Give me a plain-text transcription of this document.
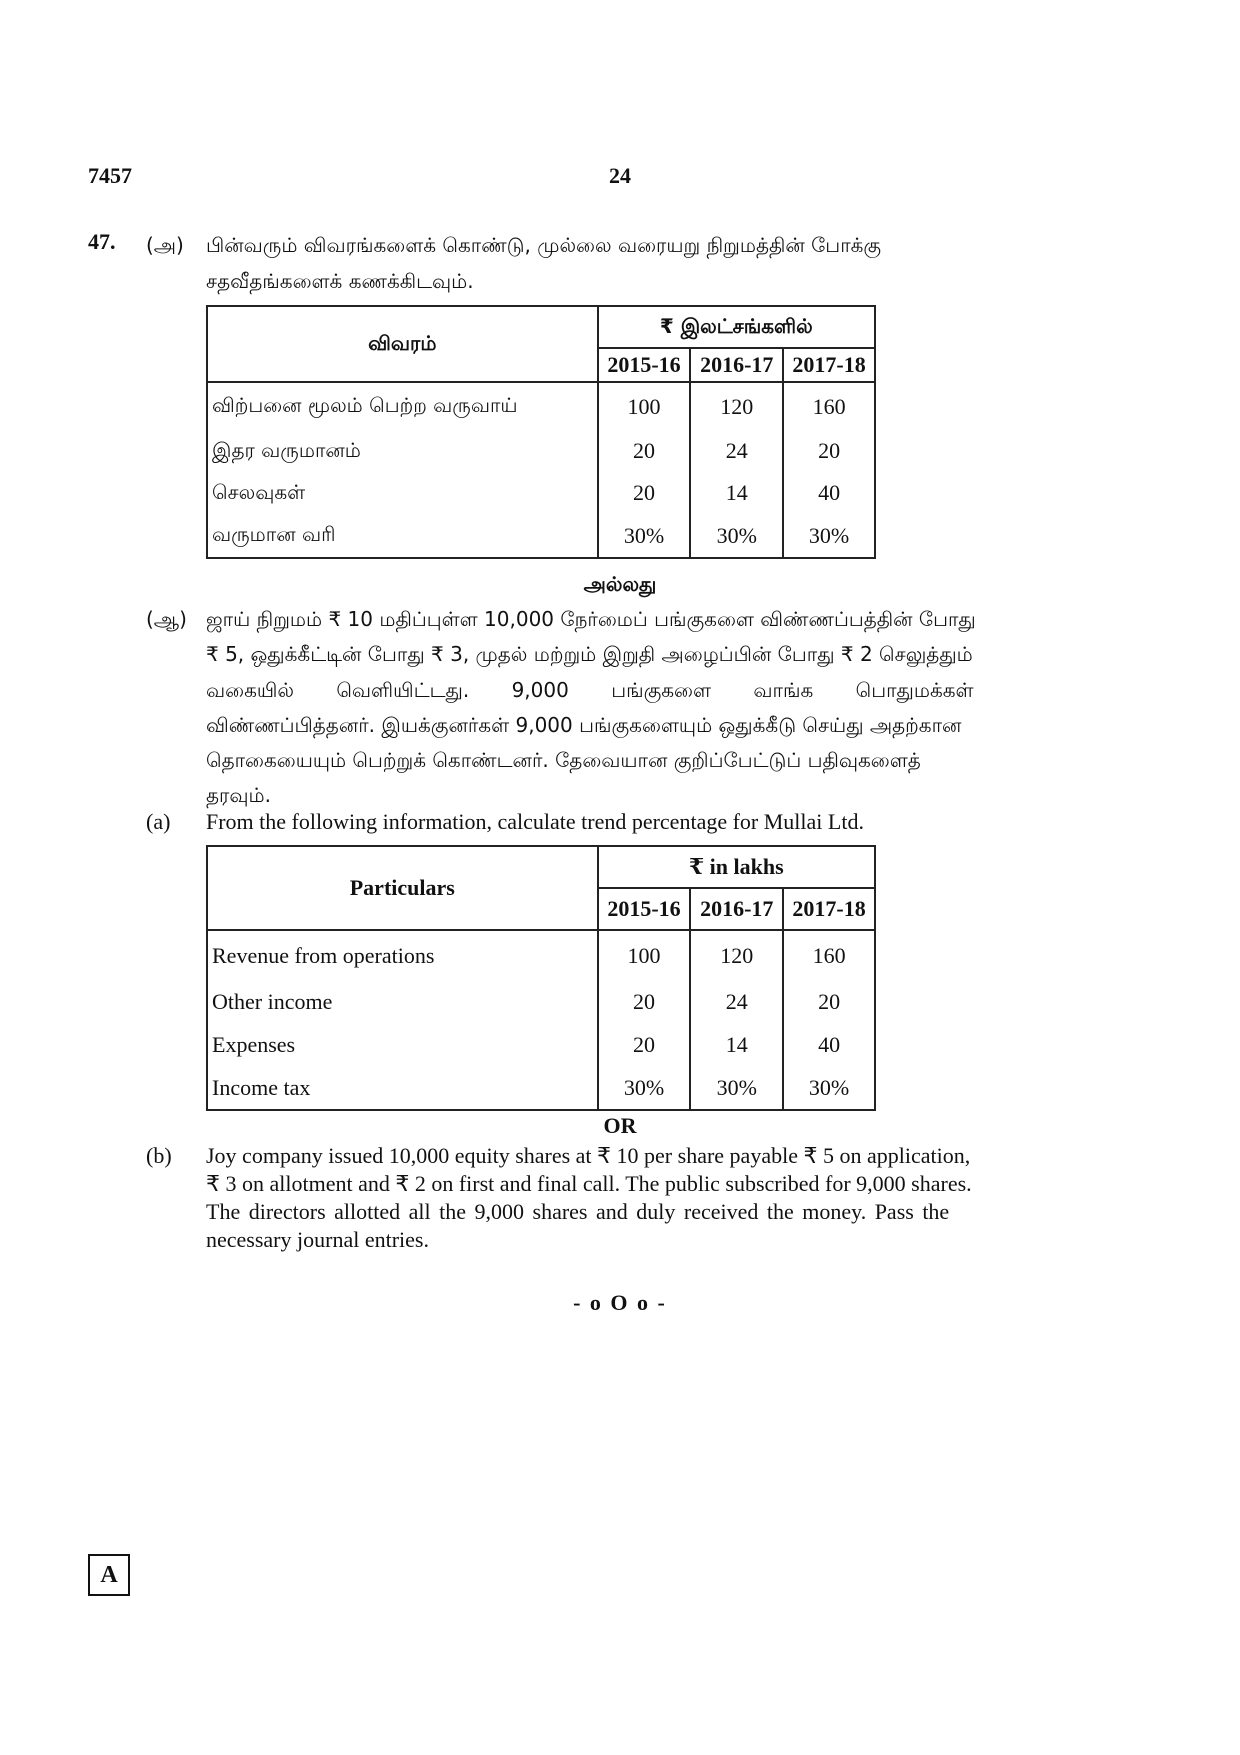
7457	24
47. (அ) பின்வரும் விவரங்களைக் கொண்டு, முல்லை வரையறு நிறுமத்தின் போக்கு
சதவீதங்களைக் கணக்கிடவும்.
விவரம்	₹ இலட்சங்களில்		
	2015-16	2016-17	2017-18
விற்பனை மூலம் பெற்ற வருவாய்	100	120	160
இதர வருமானம்	20	24	20
செலவுகள்	20	14	40
வருமான வரி	30%	30%	30%
அல்லது
(ஆ) ஜாய் நிறுமம் ₹ 10 மதிப்புள்ள 10,000 நேர்மைப் பங்குகளை விண்ணப்பத்தின் போது
₹ 5, ஒதுக்கீட்டின் போது ₹ 3, முதல் மற்றும் இறுதி அழைப்பின் போது ₹ 2 செலுத்தும்
வகையில் வெளியிட்டது. 9,000 பங்குகளை வாங்க பொதுமக்கள்
விண்ணப்பித்தனர். இயக்குனர்கள் 9,000 பங்குகளையும் ஒதுக்கீடு செய்து அதற்கான
தொகையையும் பெற்றுக் கொண்டனர். தேவையான குறிப்பேட்டுப் பதிவுகளைத்
தரவும்.
(a) From the following information, calculate trend percentage for Mullai Ltd.
Particulars	₹ in lakhs		
	2015-16	2016-17	2017-18
Revenue from operations	100	120	160
Other income	20	24	20
Expenses	20	14	40
Income tax	30%	30%	30%
OR
(b) Joy company issued 10,000 equity shares at ₹ 10 per share payable ₹ 5 on application,
₹ 3 on allotment and ₹ 2 on first and final call. The public subscribed for 9,000 shares.
The directors allotted all the 9,000 shares and duly received the money. Pass the
necessary journal entries.
- o O o -
A
